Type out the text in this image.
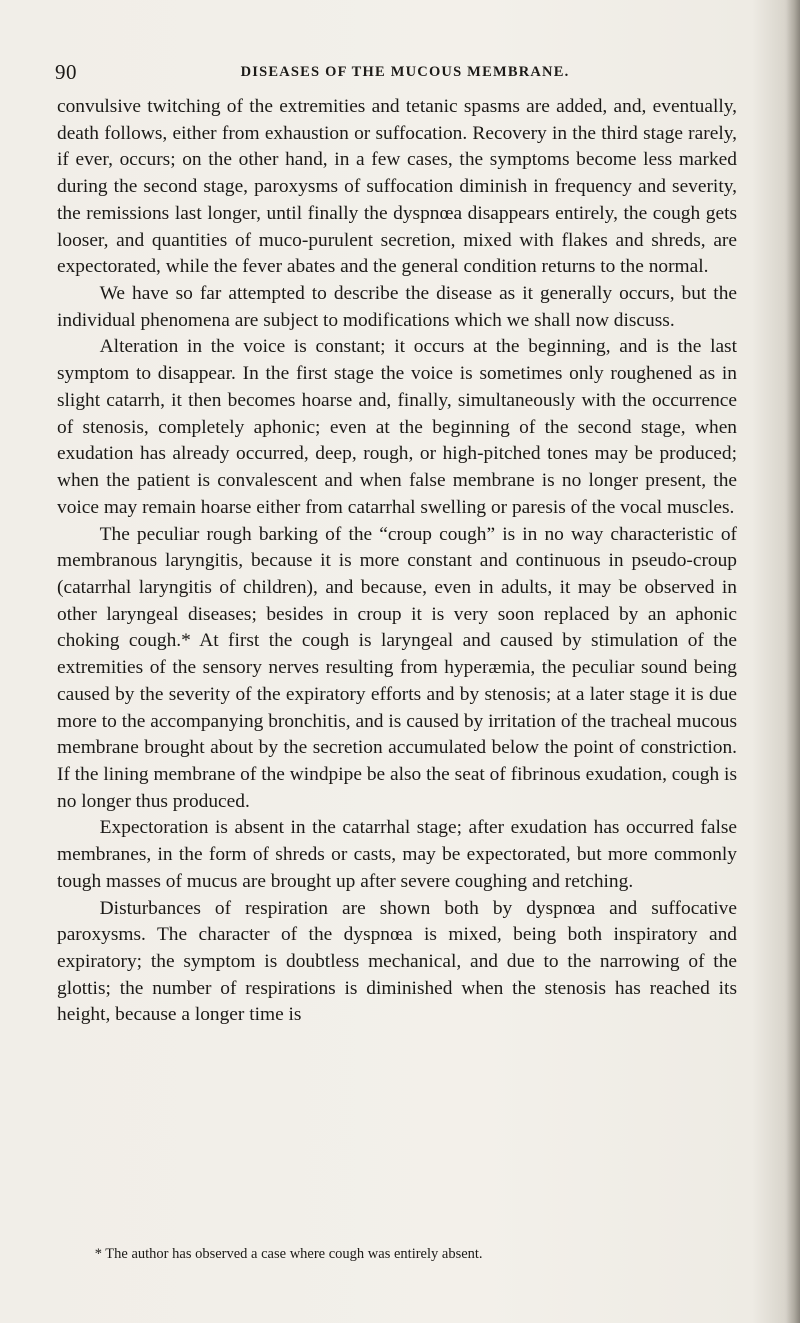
90	DISEASES OF THE MUCOUS MEMBRANE.

convulsive twitching of the extremities and tetanic spasms are added, and, eventually, death follows, either from exhaustion or suffocation. Recovery in the third stage rarely, if ever, occurs; on the other hand, in a few cases, the symptoms become less marked during the second stage, paroxysms of suffocation diminish in frequency and severity, the remissions last longer, until finally the dyspnœa disappears entirely, the cough gets looser, and quantities of muco-purulent secretion, mixed with flakes and shreds, are expectorated, while the fever abates and the general condition returns to the normal.

We have so far attempted to describe the disease as it generally occurs, but the individual phenomena are subject to modifications which we shall now discuss.

Alteration in the voice is constant; it occurs at the beginning, and is the last symptom to disappear. In the first stage the voice is sometimes only roughened as in slight catarrh, it then becomes hoarse and, finally, simultaneously with the occurrence of stenosis, completely aphonic; even at the beginning of the second stage, when exudation has already occurred, deep, rough, or high-pitched tones may be produced; when the patient is convalescent and when false membrane is no longer present, the voice may remain hoarse either from catarrhal swelling or paresis of the vocal muscles.

The peculiar rough barking of the “croup cough” is in no way characteristic of membranous laryngitis, because it is more constant and continuous in pseudo-croup (catarrhal laryngitis of children), and because, even in adults, it may be observed in other laryngeal diseases; besides in croup it is very soon replaced by an aphonic choking cough.* At first the cough is laryngeal and caused by stimulation of the extremities of the sensory nerves resulting from hyperæmia, the peculiar sound being caused by the severity of the expiratory efforts and by stenosis; at a later stage it is due more to the accompanying bronchitis, and is caused by irritation of the tracheal mucous membrane brought about by the secretion accumulated below the point of constriction. If the lining membrane of the windpipe be also the seat of fibrinous exudation, cough is no longer thus produced.

Expectoration is absent in the catarrhal stage; after exudation has occurred false membranes, in the form of shreds or casts, may be expectorated, but more commonly tough masses of mucus are brought up after severe coughing and retching.

Disturbances of respiration are shown both by dyspnœa and suffocative paroxysms. The character of the dyspnœa is mixed, being both inspiratory and expiratory; the symptom is doubtless mechanical, and due to the narrowing of the glottis; the number of respirations is diminished when the stenosis has reached its height, because a longer time is

* The author has observed a case where cough was entirely absent.
